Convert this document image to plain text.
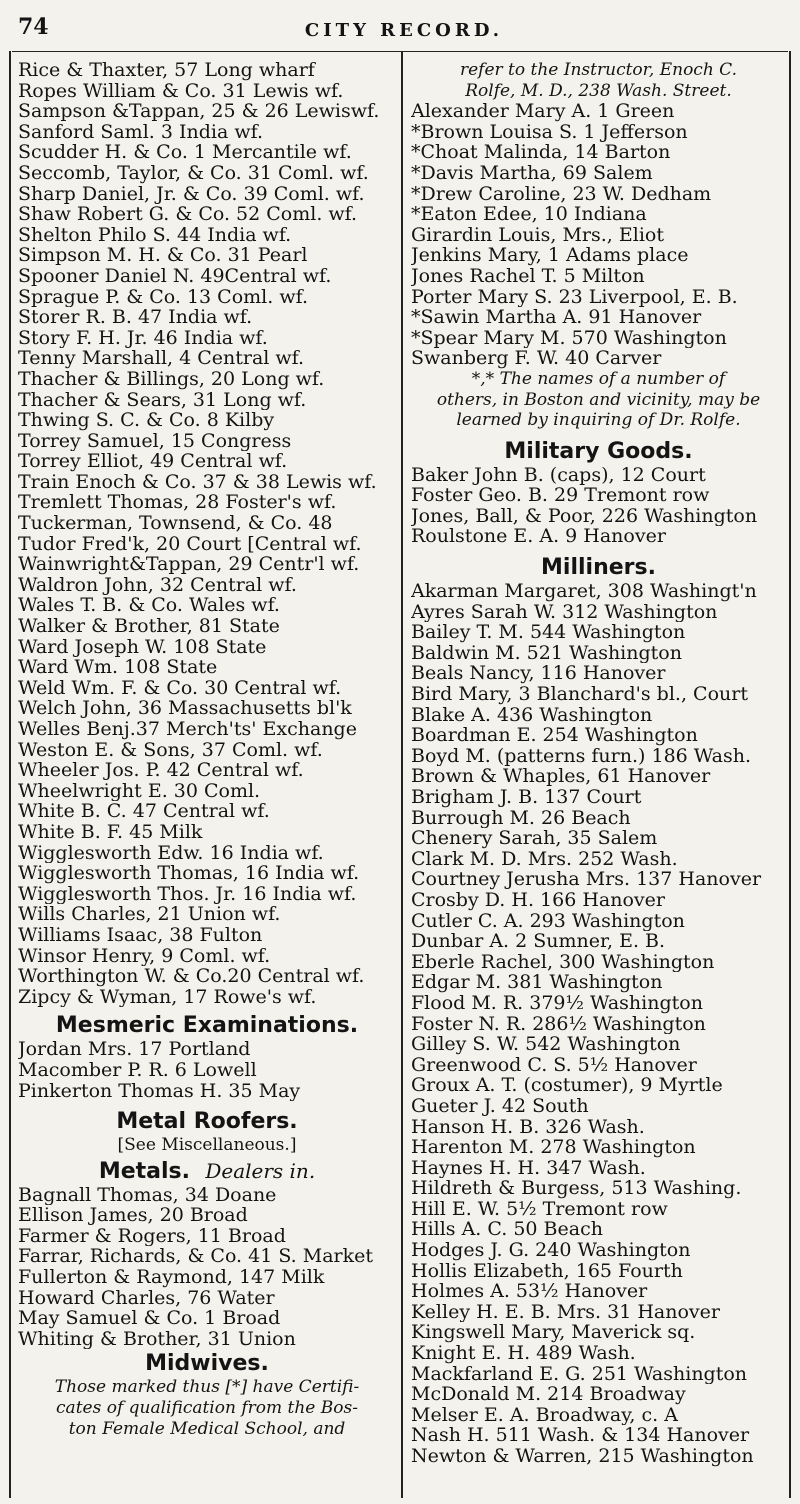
74	CITY RECORD.
Rice & Thaxter, 57 Long wharf
Ropes William & Co. 31 Lewis wf.
Sampson &Tappan, 25 & 26 Lewiswf.
Sanford Saml. 3 India wf.
Scudder H. & Co. 1 Mercantile wf.
Seccomb, Taylor, & Co. 31 Coml. wf.
Sharp Daniel, Jr. & Co. 39 Coml. wf.
Shaw Robert G. & Co. 52 Coml. wf.
Shelton Philo S. 44 India wf.
Simpson M. H. & Co. 31 Pearl
Spooner Daniel N. 49Central wf.
Sprague P. & Co. 13 Coml. wf.
Storer R. B. 47 India wf.
Story F. H. Jr. 46 India wf.
Tenny Marshall, 4 Central wf.
Thacher & Billings, 20 Long wf.
Thacher & Sears, 31 Long wf.
Thwing S. C. & Co. 8 Kilby
Torrey Samuel, 15 Congress
Torrey Elliot, 49 Central wf.
Train Enoch & Co. 37 & 38 Lewis wf.
Tremlett Thomas, 28 Foster's wf.
Tuckerman, Townsend, & Co. 48
Tudor Fred'k, 20 Court [Central wf.
Wainwright&Tappan, 29 Centr'l wf.
Waldron John, 32 Central wf.
Wales T. B. & Co. Wales wf.
Walker & Brother, 81 State
Ward Joseph W. 108 State
Ward Wm. 108 State
Weld Wm. F. & Co. 30 Central wf.
Welch John, 36 Massachusetts bl'k
Welles Benj.37 Merch'ts' Exchange
Weston E. & Sons, 37 Coml. wf.
Wheeler Jos. P. 42 Central wf.
Wheelwright E. 30 Coml.
White B. C. 47 Central wf.
White B. F. 45 Milk
Wigglesworth Edw. 16 India wf.
Wigglesworth Thomas, 16 India wf.
Wigglesworth Thos. Jr. 16 India wf.
Wills Charles, 21 Union wf.
Williams Isaac, 38 Fulton
Winsor Henry, 9 Coml. wf.
Worthington W. & Co.20 Central wf.
Zipcy & Wyman, 17 Rowe's wf.
Mesmeric Examinations.
Jordan Mrs. 17 Portland
Macomber P. R. 6 Lowell
Pinkerton Thomas H. 35 May
Metal Roofers.
[See Miscellaneous.]
Metals. Dealers in.
Bagnall Thomas, 34 Doane
Ellison James, 20 Broad
Farmer & Rogers, 11 Broad
Farrar, Richards, & Co. 41 S. Market
Fullerton & Raymond, 147 Milk
Howard Charles, 76 Water
May Samuel & Co. 1 Broad
Whiting & Brother, 31 Union
Midwives.
Those marked thus [*] have Certifi-
cates of qualification from the Bos-
ton Female Medical School, and
refer to the Instructor, Enoch C.
Rolfe, M. D., 238 Wash. Street.
Alexander Mary A. 1 Green
*Brown Louisa S. 1 Jefferson
*Choat Malinda, 14 Barton
*Davis Martha, 69 Salem
*Drew Caroline, 23 W. Dedham
*Eaton Edee, 10 Indiana
Girardin Louis, Mrs., Eliot
Jenkins Mary, 1 Adams place
Jones Rachel T. 5 Milton
Porter Mary S. 23 Liverpool, E. B.
*Sawin Martha A. 91 Hanover
*Spear Mary M. 570 Washington
Swanberg F. W. 40 Carver
*,* The names of a number of
others, in Boston and vicinity, may be
learned by inquiring of Dr. Rolfe.
Military Goods.
Baker John B. (caps), 12 Court
Foster Geo. B. 29 Tremont row
Jones, Ball, & Poor, 226 Washington
Roulstone E. A. 9 Hanover
Milliners.
Akarman Margaret, 308 Washingt'n
Ayres Sarah W. 312 Washington
Bailey T. M. 544 Washington
Baldwin M. 521 Washington
Beals Nancy, 116 Hanover
Bird Mary, 3 Blanchard's bl., Court
Blake A. 436 Washington
Boardman E. 254 Washington
Boyd M. (patterns furn.) 186 Wash.
Brown & Whaples, 61 Hanover
Brigham J. B. 137 Court
Burrough M. 26 Beach
Chenery Sarah, 35 Salem
Clark M. D. Mrs. 252 Wash.
Courtney Jerusha Mrs. 137 Hanover
Crosby D. H. 166 Hanover
Cutler C. A. 293 Washington
Dunbar A. 2 Sumner, E. B.
Eberle Rachel, 300 Washington
Edgar M. 381 Washington
Flood M. R. 379½ Washington
Foster N. R. 286½ Washington
Gilley S. W. 542 Washington
Greenwood C. S. 5½ Hanover
Groux A. T. (costumer), 9 Myrtle
Gueter J. 42 South
Hanson H. B. 326 Wash.
Harenton M. 278 Washington
Haynes H. H. 347 Wash.
Hildreth & Burgess, 513 Washing.
Hill E. W. 5½ Tremont row
Hills A. C. 50 Beach
Hodges J. G. 240 Washington
Hollis Elizabeth, 165 Fourth
Holmes A. 53½ Hanover
Kelley H. E. B. Mrs. 31 Hanover
Kingswell Mary, Maverick sq.
Knight E. H. 489 Wash.
Mackfarland E. G. 251 Washington
McDonald M. 214 Broadway
Melser E. A. Broadway, c. A
Nash H. 511 Wash. & 134 Hanover
Newton & Warren, 215 Washington
